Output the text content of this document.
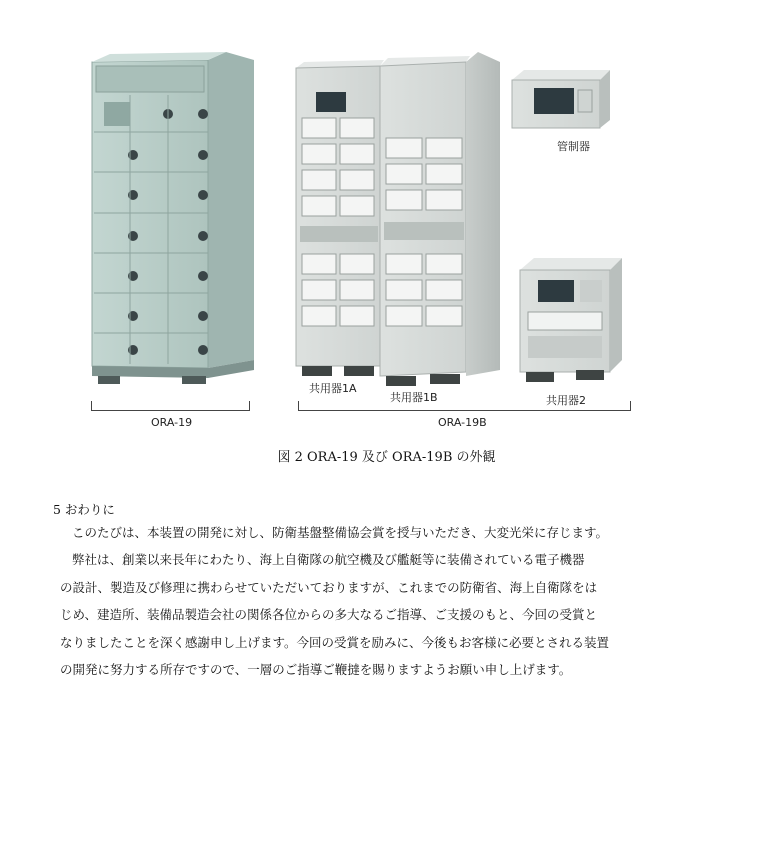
管制器
共用器1A
共用器1B	共用器2
ORA-19	ORA-19B
図 2 ORA-19 及び ORA-19B の外観
5 おわりに
このたびは、本装置の開発に対し、防衛基盤整備協会賞を授与いただき、大変光栄に存じます。
弊社は、創業以来長年にわたり、海上自衛隊の航空機及び艦艇等に装備されている電子機器
の設計、製造及び修理に携わらせていただいておりますが、これまでの防衛省、海上自衛隊をは
じめ、建造所、装備品製造会社の関係各位からの多大なるご指導、ご支援のもと、今回の受賞と
なりましたことを深く感謝申し上げます。今回の受賞を励みに、今後もお客様に必要とされる装置
の開発に努力する所存ですので、一層のご指導ご鞭撻を賜りますようお願い申し上げます。
